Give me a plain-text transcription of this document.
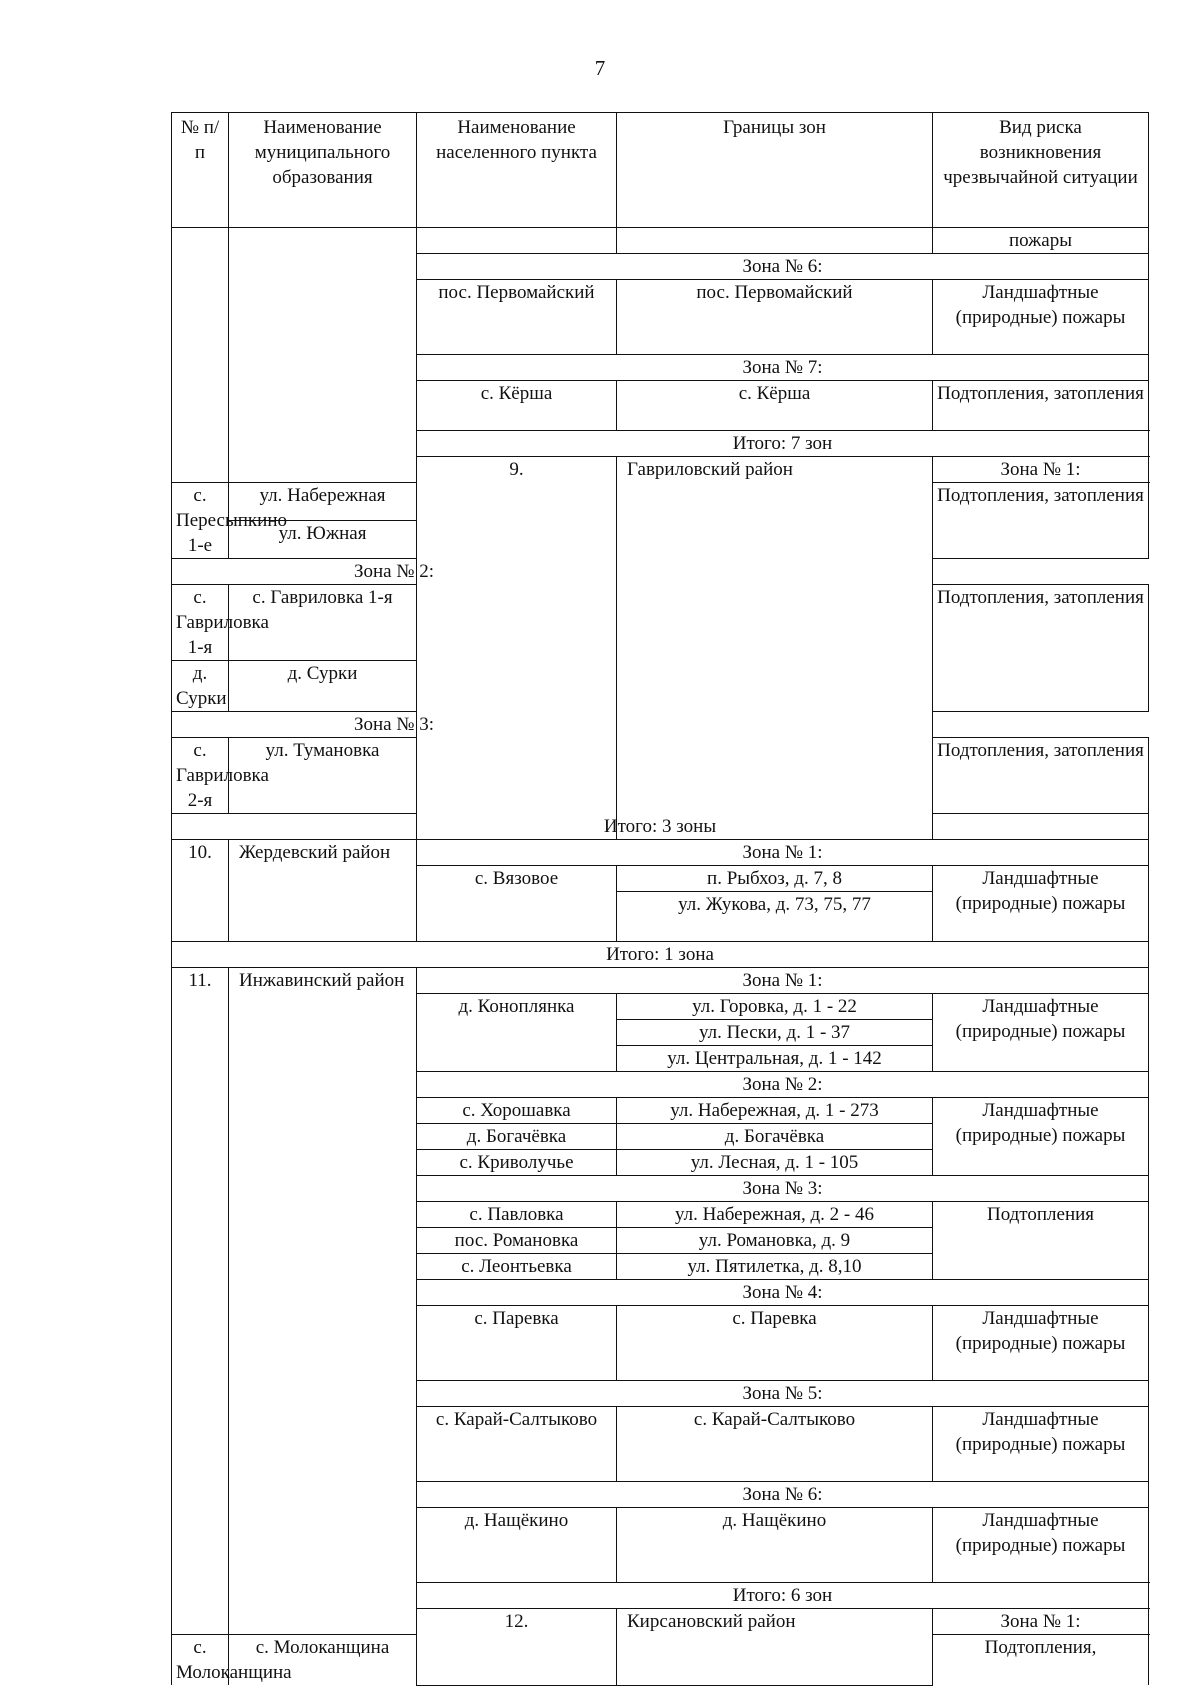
7
№ п/п	Наименование муниципального образования	Наименование населенного пункта	Границы зон	Вид риска возникновения чрезвычайной ситуации
				пожары
		Зона № 6:		
		пос. Первомайский	пос. Первомайский	Ландшафтные (природные) пожары
		Зона № 7:		
		с. Кёрша	с. Кёрша	Подтопления, затопления
		Итого: 7 зон		
		9.	Гавриловский район	Зона № 1:
с. Пересыпкино 1-е	ул. Набережная			Подтопления, затопления
	ул. Южная			
Зона № 2:				
с. Гавриловка 1-я	с. Гавриловка 1-я			Подтопления, затопления
д. Сурки	д. Сурки			
Зона № 3:				
с. Гавриловка 2-я	ул. Тумановка			Подтопления, затопления
Итого: 3 зоны				
10.	Жердевский район	Зона № 1:		
		с. Вязовое	п. Рыбхоз, д. 7, 8	Ландшафтные (природные) пожары
			ул. Жукова, д. 73, 75, 77	
Итого: 1 зона				
11.	Инжавинский район	Зона № 1:		
		д. Коноплянка	ул. Горовка, д. 1 - 22	Ландшафтные (природные) пожары
			ул. Пески, д. 1 - 37	
			ул. Центральная, д. 1 - 142	
		Зона № 2:		
		с. Хорошавка	ул. Набережная, д. 1 - 273	Ландшафтные (природные) пожары
		д. Богачёвка	д. Богачёвка	
		с. Криволучье	ул. Лесная, д. 1 - 105	
		Зона № 3:		
		с. Павловка	ул. Набережная, д. 2 - 46	Подтопления
		пос. Романовка	ул. Романовка, д. 9	
		с. Леонтьевка	ул. Пятилетка, д. 8,10	
		Зона № 4:		
		с. Паревка	с. Паревка	Ландшафтные (природные) пожары
		Зона № 5:		
		с. Карай-Салтыково	с. Карай-Салтыково	Ландшафтные (природные) пожары
		Зона № 6:		
		д. Нащёкино	д. Нащёкино	Ландшафтные (природные) пожары
		Итого: 6 зон		
		12.	Кирсановский район	Зона № 1:
с. Молоканщина	с. Молоканщина			Подтопления,
